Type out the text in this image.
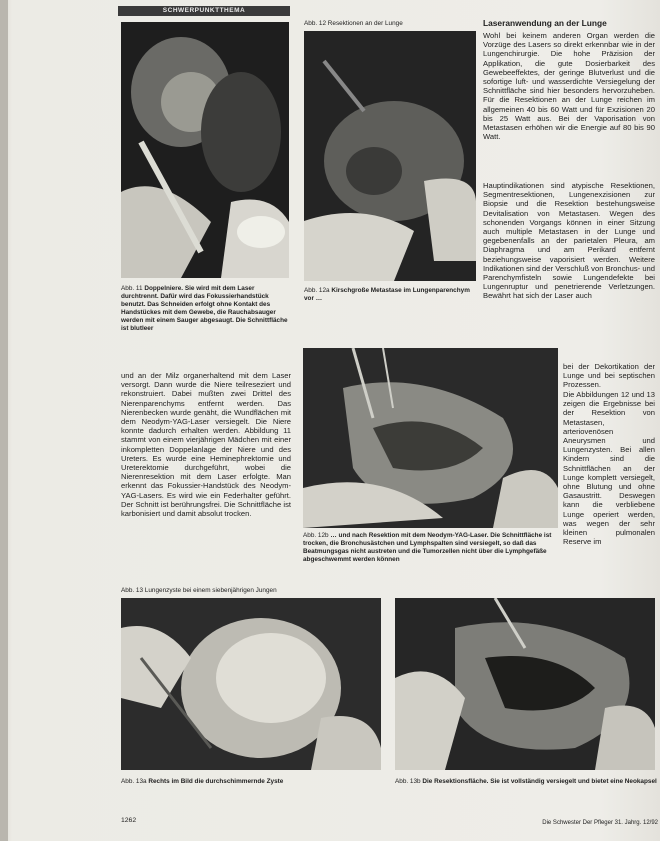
SCHWERPUNKTTHEMA
Abb. 11 Doppelniere. Sie wird mit dem Laser durchtrennt. Dafür wird das Fokussierhandstück benutzt. Das Schneiden erfolgt ohne Kontakt des Handstückes mit dem Gewebe, die Rauchabsauger werden mit einem Sauger abgesaugt. Die Schnittfläche ist blutleer
Abb. 12 Resektionen an der Lunge
Abb. 12a Kirschgroße Metastase im Lungenparenchym vor …

und an der Milz organerhaltend mit dem Laser versorgt. Dann wurde die Niere teilreseziert und rekonstruiert. Dabei mußten zwei Drittel des Nierenparenchyms entfernt werden. Das Nierenbecken wurde genäht, die Wundflächen mit dem Neodym-YAG-Laser versiegelt. Die Niere konnte dadurch erhalten werden. Abbildung 11 stammt von einem vierjährigen Mädchen mit einer inkompletten Doppelanlage der Niere und des Ureters. Es wurde eine Heminephrektomie und Ureterektomie durchgeführt, wobei die Nierenresektion mit dem Laser erfolgte. Man erkennt das Fokussier-Handstück des Neodym-YAG-Lasers. Es wird wie ein Federhalter geführt. Der Schnitt ist berührungsfrei. Die Schnittfläche ist karbonisiert und damit absolut trocken.

Laseranwendung an der Lunge

Wohl bei keinem anderen Organ werden die Vorzüge des Lasers so direkt erkennbar wie in der Lungenchirurgie. Die hohe Präzision der Applikation, die gute Dosierbarkeit des Gewebeeffektes, der geringe Blutverlust und die sofortige luft- und wasserdichte Versiegelung der Schnittfläche sind hier besonders hervorzuheben. Für die Resektionen an der Lunge reichen im allgemeinen 40 bis 60 Watt und für Exzisionen 20 bis 25 Watt aus. Bei der Vaporisation von Metastasen erhöhen wir die Energie auf 80 bis 90 Watt.

Hauptindikationen sind atypische Resektionen, Segmentresektionen, Lungenexzisionen zur Biopsie und die Resektion bestehungsweise Devitalisation von Metastasen. Wegen des schonenden Vorgangs können in einer Sitzung auch multiple Metastasen in der Lunge und gegebenenfalls an der parietalen Pleura, am Diaphragma und am Perikard entfernt beziehungsweise vaporisiert werden. Weitere Indikationen sind der Verschluß von Bronchus- und Parenchymfisteln sowie Lungendefekte bei Lungenruptur und penetrierende Verletzungen. Bewährt hat sich der Laser auch

bei der Dekortikation der Lunge und bei septischen Prozessen.

Die Abbildungen 12 und 13 zeigen die Ergebnisse bei der Resektion von Metastasen, arteriovenösen Aneurysmen und Lungenzysten. Bei allen Kindern sind die Schnittflächen an der Lunge komplett versiegelt, ohne Blutung und ohne Gasaustritt. Deswegen kann die verbliebene Lunge operiert werden, was wegen der sehr kleinen pulmonalen Reserve im

Abb. 12b … und nach Resektion mit dem Neodym-YAG-Laser. Die Schnittfläche ist trocken, die Bronchusästchen und Lymphspalten sind versiegelt, so daß das Beatmungsgas nicht austreten und die Tumorzellen nicht über die Lymphgefäße abgeschwemmt werden können
Abb. 13 Lungenzyste bei einem siebenjährigen Jungen
Abb. 13a Rechts im Bild die durchschimmernde Zyste	Abb. 13b Die Resektionsfläche. Sie ist vollständig versiegelt und bietet eine Neokapsel
1262	Die Schwester Der Pfleger 31. Jahrg. 12/92
